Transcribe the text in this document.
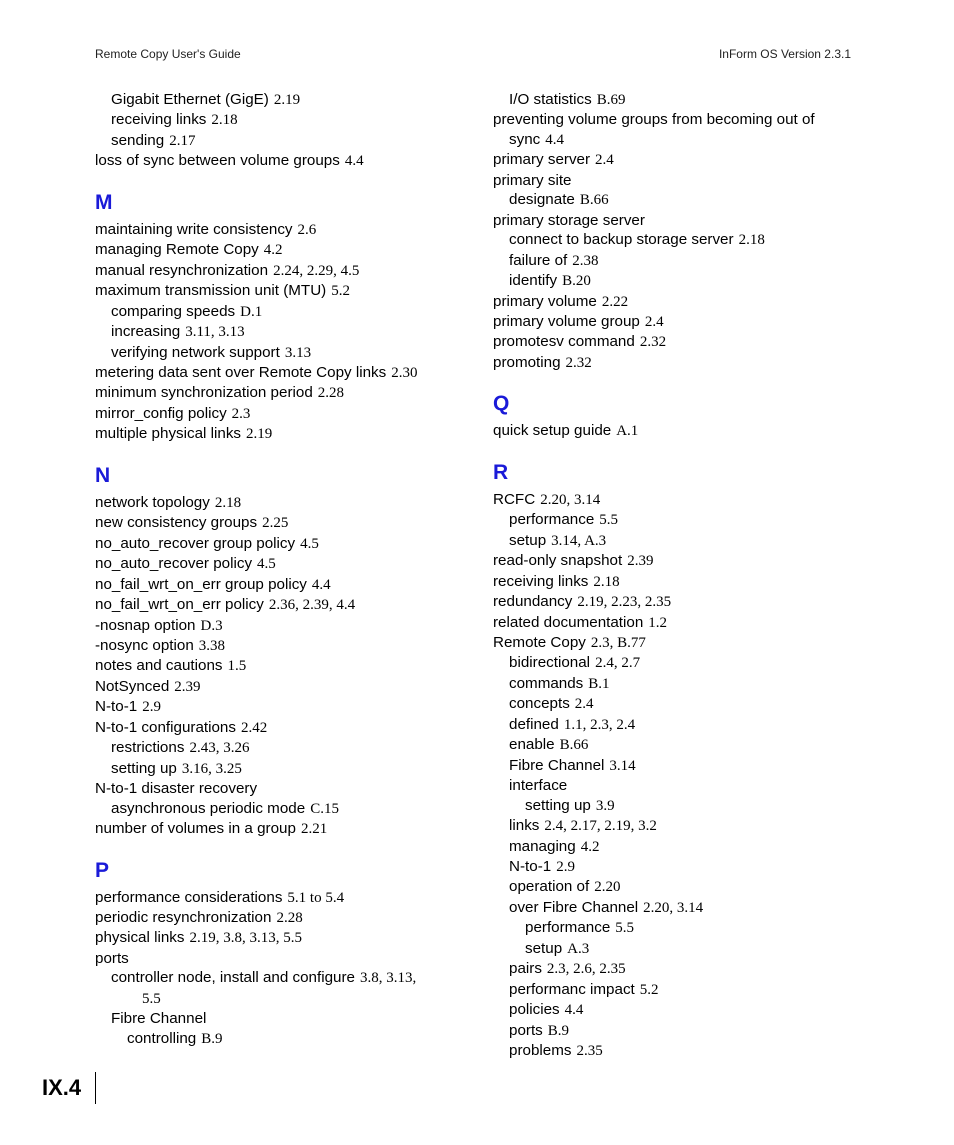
Remote Copy User's Guide	InForm OS Version 2.3.1
Gigabit Ethernet (GigE) 2.19
receiving links 2.18
sending 2.17
loss of sync between volume groups 4.4
M
maintaining write consistency 2.6
managing Remote Copy 4.2
manual resynchronization 2.24, 2.29, 4.5
maximum transmission unit (MTU) 5.2
comparing speeds D.1
increasing 3.11, 3.13
verifying network support 3.13
metering data sent over Remote Copy links 2.30
minimum synchronization period 2.28
mirror_config policy 2.3
multiple physical links 2.19
N
network topology 2.18
new consistency groups 2.25
no_auto_recover group policy 4.5
no_auto_recover policy 4.5
no_fail_wrt_on_err group policy 4.4
no_fail_wrt_on_err policy 2.36, 2.39, 4.4
-nosnap option D.3
-nosync option 3.38
notes and cautions 1.5
NotSynced 2.39
N-to-1 2.9
N-to-1 configurations 2.42
restrictions 2.43, 3.26
setting up 3.16, 3.25
N-to-1 disaster recovery
asynchronous periodic mode C.15
number of volumes in a group 2.21
P
performance considerations 5.1 to 5.4
periodic resynchronization 2.28
physical links 2.19, 3.8, 3.13, 5.5
ports
controller node, install and configure 3.8, 3.13,
5.5
Fibre Channel
controlling B.9
I/O statistics B.69
preventing volume groups from becoming out of
sync 4.4
primary server 2.4
primary site
designate B.66
primary storage server
connect to backup storage server 2.18
failure of 2.38
identify B.20
primary volume 2.22
primary volume group 2.4
promotesv command 2.32
promoting 2.32
Q
quick setup guide A.1
R
RCFC 2.20, 3.14
performance 5.5
setup 3.14, A.3
read-only snapshot 2.39
receiving links 2.18
redundancy 2.19, 2.23, 2.35
related documentation 1.2
Remote Copy 2.3, B.77
bidirectional 2.4, 2.7
commands B.1
concepts 2.4
defined 1.1, 2.3, 2.4
enable B.66
Fibre Channel 3.14
interface
setting up 3.9
links 2.4, 2.17, 2.19, 3.2
managing 4.2
N-to-1 2.9
operation of 2.20
over Fibre Channel 2.20, 3.14
performance 5.5
setup A.3
pairs 2.3, 2.6, 2.35
performanc impact 5.2
policies 4.4
ports B.9
problems 2.35
IX.4
